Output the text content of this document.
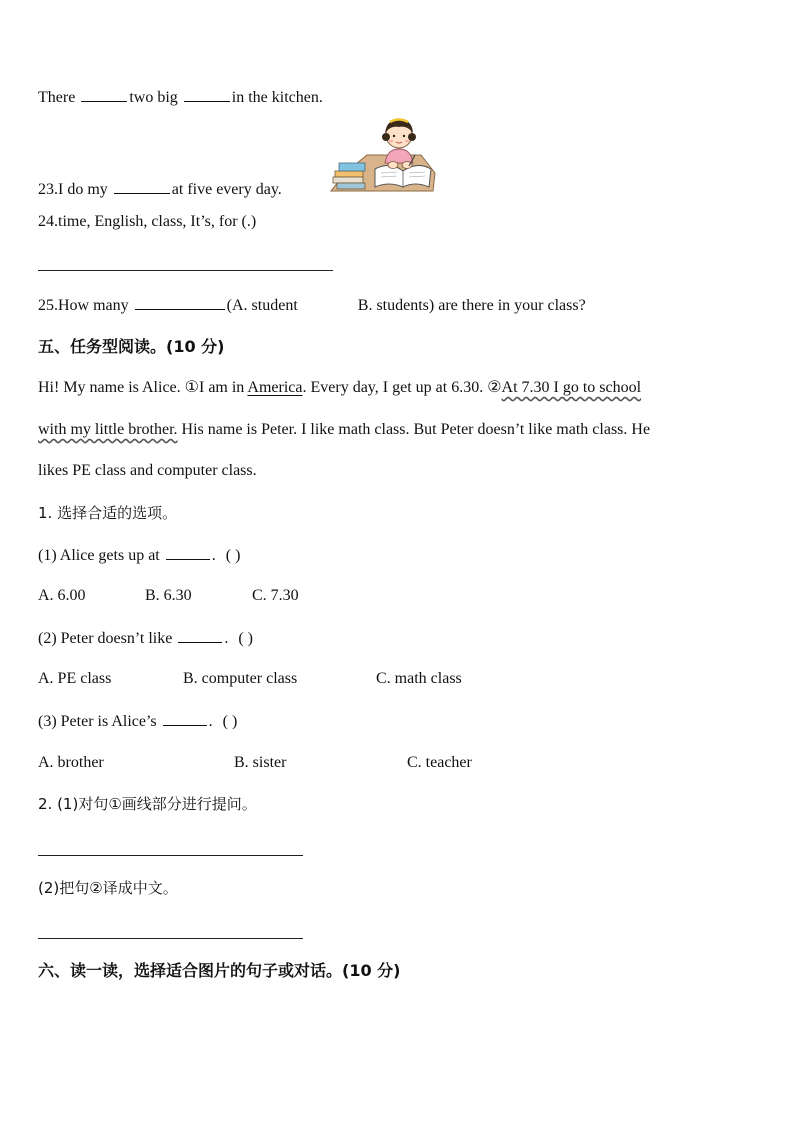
There	two big	in the kitchen.
23.I do my	at five every day.
24.time, English, class, It’s, for (.)
25.How many	(A. student	B. students) are there in your class?
五、任务型阅读。(10 分)
Hi! My name is Alice. ①I am in America. Every day, I get up at 6.30. ②At 7.30 I go to school
with my little brother. His name is Peter. I like math class. But Peter doesn’t like math class. He
likes PE class and computer class.
1. 选择合适的选项。
(1) Alice gets up at	. ( )
A. 6.00	B. 6.30	C. 7.30
(2) Peter doesn’t like	. ( )
A. PE class	B. computer class	C. math class
(3) Peter is Alice’s	. ( )
A. brother	B. sister	C. teacher
2. (1)对句①画线部分进行提问。
(2)把句②译成中文。
六、读一读，选择适合图片的句子或对话。(10 分)
